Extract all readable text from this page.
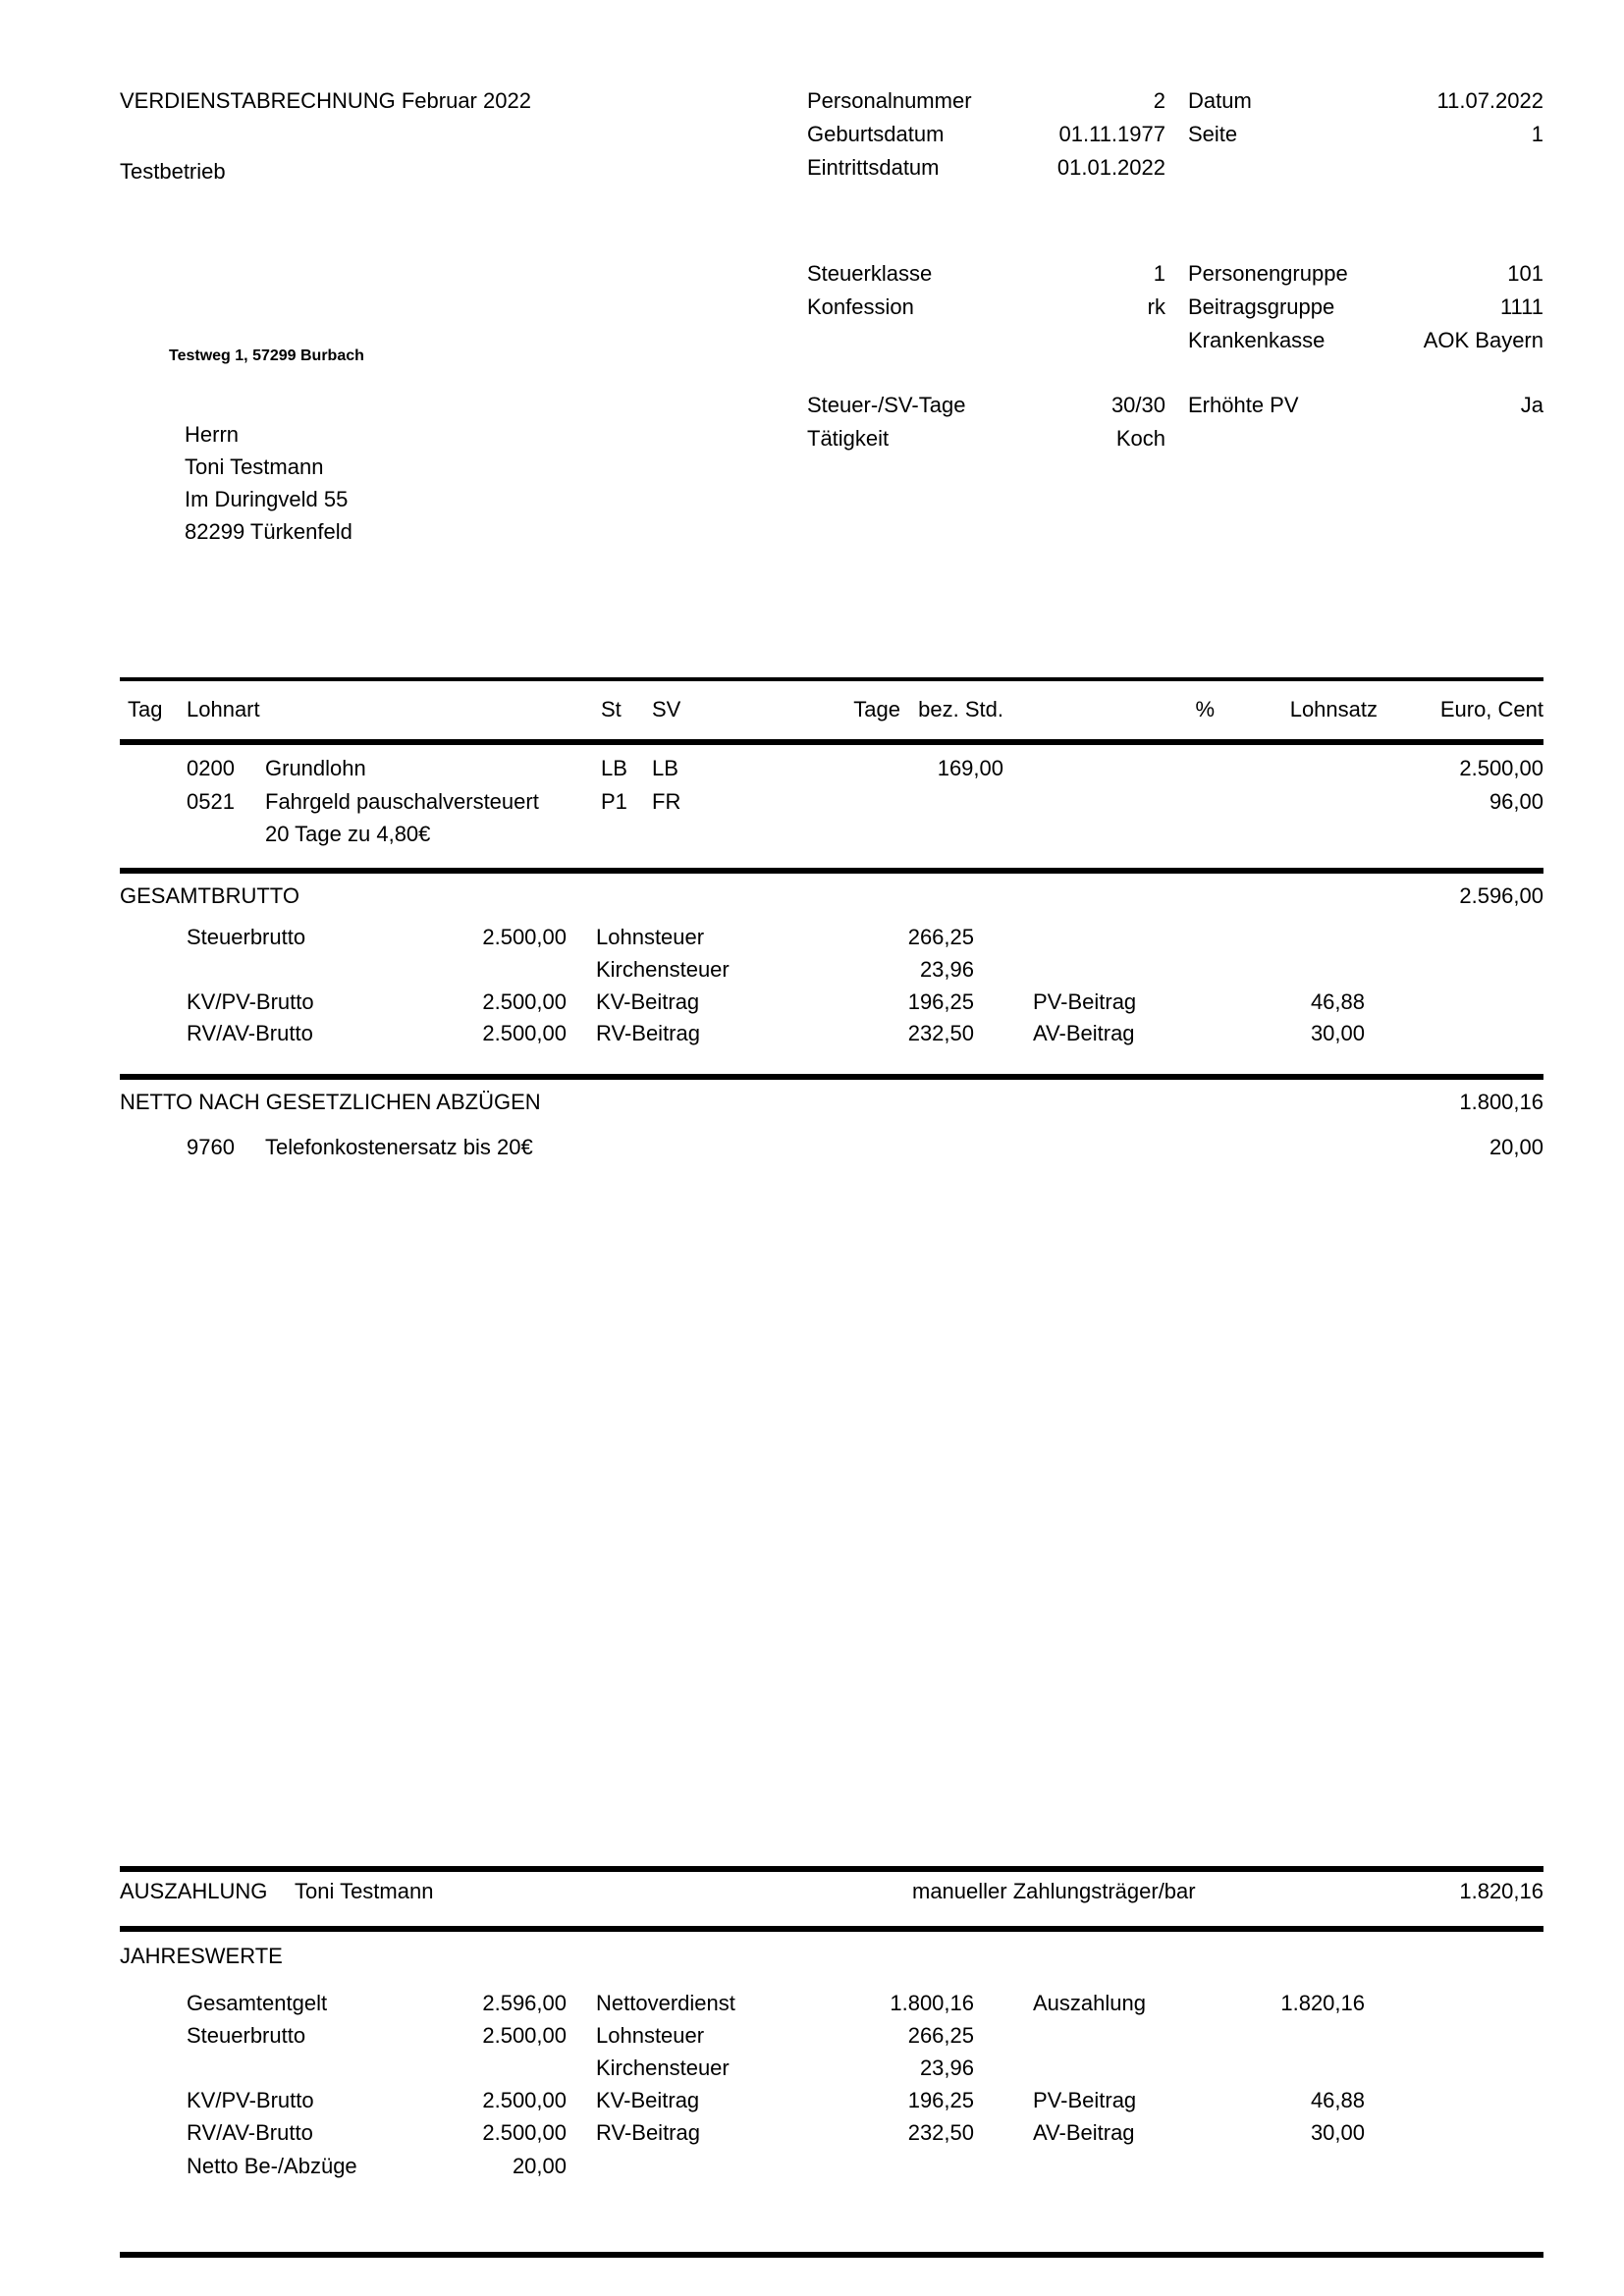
VERDIENSTABRECHNUNG Februar 2022
Testbetrieb
Personalnummer	2 Datum	11.07.2022
Geburtsdatum	01.11.1977 Seite	1
Eintrittsdatum	01.01.2022
Steuerklasse	1 Personengruppe	101
Konfession	rk Beitragsgruppe	1111
Krankenkasse	AOK Bayern
Steuer-/SV-Tage	30/30 Erhöhte PV	Ja
Tätigkeit	Koch
Testweg 1, 57299 Burbach
Herrn
Toni Testmann
Im Duringveld 55
82299 Türkenfeld
Tag	Lohnart	St	SV	Tage bez. Std.	%	Lohnsatz	Euro, Cent
0200	Grundlohn	LB	LB	169,00	2.500,00
0521	Fahrgeld pauschalversteuert	P1	FR	96,00
20 Tage zu 4,80€
GESAMTBRUTTO	2.596,00
Steuerbrutto	2.500,00 Lohnsteuer	266,25
Kirchensteuer	23,96
KV/PV-Brutto	2.500,00 KV-Beitrag	196,25	PV-Beitrag	46,88
RV/AV-Brutto	2.500,00 RV-Beitrag	232,50	AV-Beitrag	30,00
NETTO NACH GESETZLICHEN ABZÜGEN	1.800,16
9760	Telefonkostenersatz bis 20€	20,00
AUSZAHLUNG Toni Testmann	manueller Zahlungsträger/bar	1.820,16
JAHRESWERTE
Gesamtentgelt	2.596,00 Nettoverdienst	1.800,16	Auszahlung	1.820,16
Steuerbrutto	2.500,00 Lohnsteuer	266,25
Kirchensteuer	23,96
KV/PV-Brutto	2.500,00 KV-Beitrag	196,25	PV-Beitrag	46,88
RV/AV-Brutto	2.500,00 RV-Beitrag	232,50	AV-Beitrag	30,00
Netto Be-/Abzüge	20,00
